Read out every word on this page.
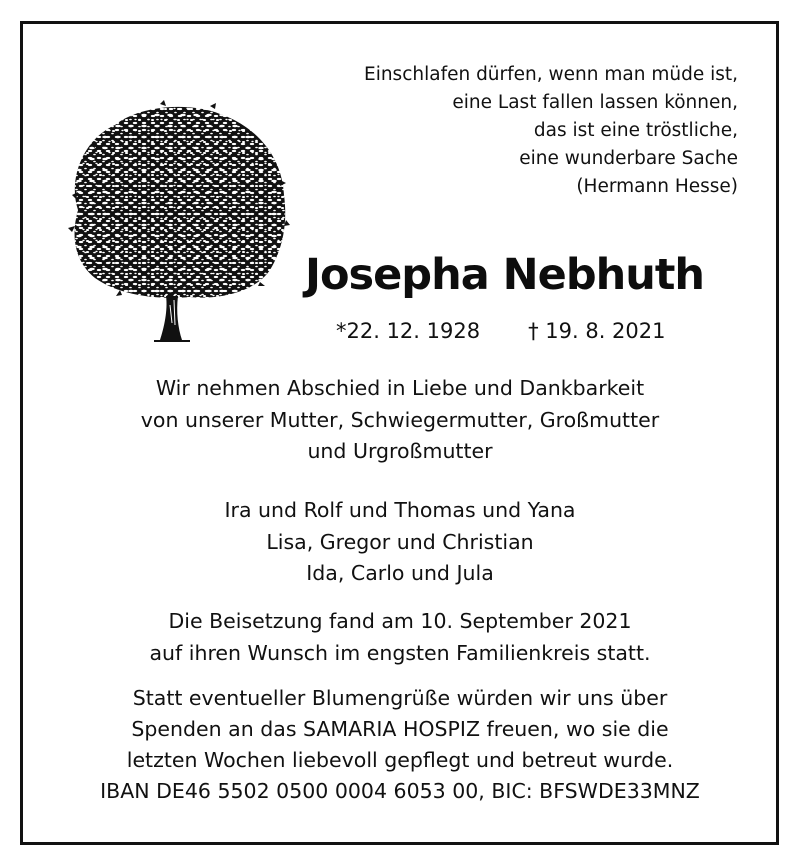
Einschlafen dürfen, wenn man müde ist,
eine Last fallen lassen können,
das ist eine tröstliche,
eine wunderbare Sache
(Hermann Hesse)
Josepha Nebhuth
*22. 12. 1928 † 19. 8. 2021
Wir nehmen Abschied in Liebe und Dankbarkeit
von unserer Mutter, Schwiegermutter, Großmutter
und Urgroßmutter
Ira und Rolf und Thomas und Yana
Lisa, Gregor und Christian
Ida, Carlo und Jula
Die Beisetzung fand am 10. September 2021
auf ihren Wunsch im engsten Familienkreis statt.
Statt eventueller Blumengrüße würden wir uns über
Spenden an das SAMARIA HOSPIZ freuen, wo sie die
letzten Wochen liebevoll gepflegt und betreut wurde.
IBAN DE46 5502 0500 0004 6053 00, BIC: BFSWDE33MNZ
